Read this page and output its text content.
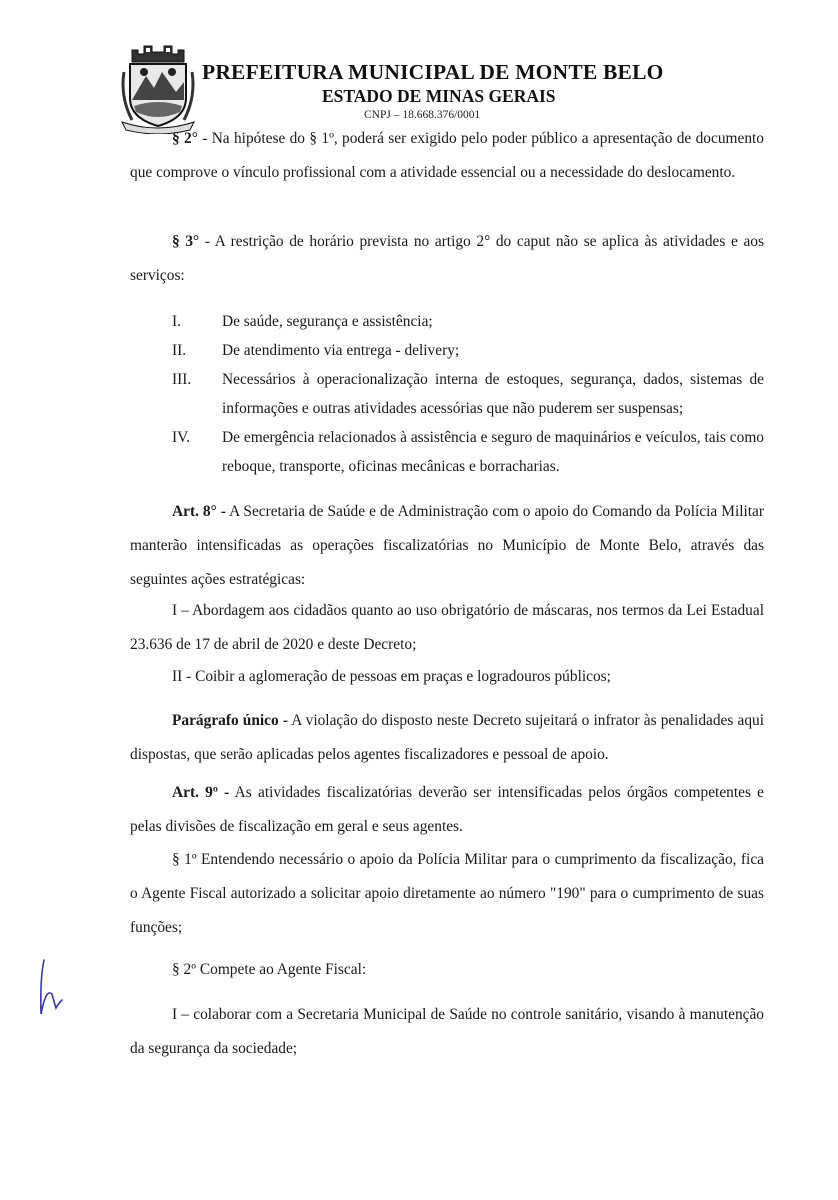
PREFEITURA MUNICIPAL DE MONTE BELO
ESTADO DE MINAS GERAIS
CNPJ – 18.668.376/0001
§ 2° - Na hipótese do § 1º, poderá ser exigido pelo poder público a apresentação de documento que comprove o vínculo profissional com a atividade essencial ou a necessidade do deslocamento.
§ 3° - A restrição de horário prevista no artigo 2° do caput não se aplica às atividades e aos serviços:
I.	De saúde, segurança e assistência;
II.	De atendimento via entrega - delivery;
III.	Necessários à operacionalização interna de estoques, segurança, dados, sistemas de informações e outras atividades acessórias que não puderem ser suspensas;
IV.	De emergência relacionados à assistência e seguro de maquinários e veículos, tais como reboque, transporte, oficinas mecânicas e borracharias.
Art. 8° - A Secretaria de Saúde e de Administração com o apoio do Comando da Polícia Militar manterão intensificadas as operações fiscalizatórias no Município de Monte Belo, através das seguintes ações estratégicas:
I – Abordagem aos cidadãos quanto ao uso obrigatório de máscaras, nos termos da Lei Estadual 23.636 de 17 de abril de 2020 e deste Decreto;
II - Coibir a aglomeração de pessoas em praças e logradouros públicos;
Parágrafo único - A violação do disposto neste Decreto sujeitará o infrator às penalidades aqui dispostas, que serão aplicadas pelos agentes fiscalizadores e pessoal de apoio.
Art. 9º - As atividades fiscalizatórias deverão ser intensificadas pelos órgãos competentes e pelas divisões de fiscalização em geral e seus agentes.
§ 1º Entendendo necessário o apoio da Polícia Militar para o cumprimento da fiscalização, fica o Agente Fiscal autorizado a solicitar apoio diretamente ao número "190" para o cumprimento de suas funções;
§ 2º Compete ao Agente Fiscal:
I – colaborar com a Secretaria Municipal de Saúde no controle sanitário, visando à manutenção da segurança da sociedade;
